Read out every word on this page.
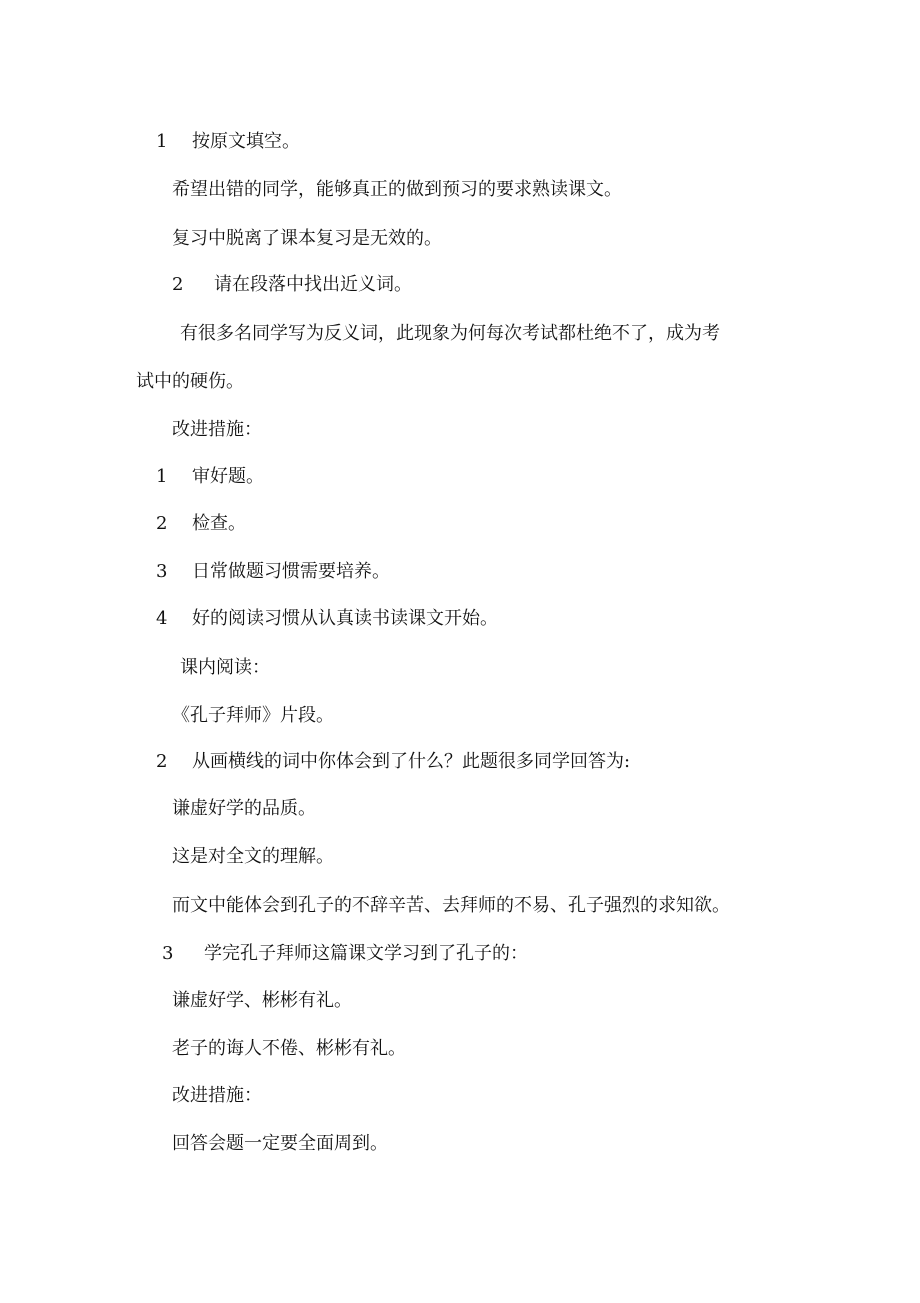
1 按原文填空。
希望出错的同学，能够真正的做到预习的要求熟读课文。
复习中脱离了课本复习是无效的。
2 请在段落中找出近义词。
有很多名同学写为反义词，此现象为何每次考试都杜绝不了，成为考
试中的硬伤。
改进措施：
1 审好题。
2 检查。
3 日常做题习惯需要培养。
4 好的阅读习惯从认真读书读课文开始。
课内阅读：
《孔子拜师》片段。
2 从画横线的词中你体会到了什么？此题很多同学回答为:
谦虚好学的品质。
这是对全文的理解。
而文中能体会到孔子的不辞辛苦、去拜师的不易、孔子强烈的求知欲。
3 学完孔子拜师这篇课文学习到了孔子的：
谦虚好学、彬彬有礼。
老子的诲人不倦、彬彬有礼。
改进措施：
回答会题一定要全面周到。
